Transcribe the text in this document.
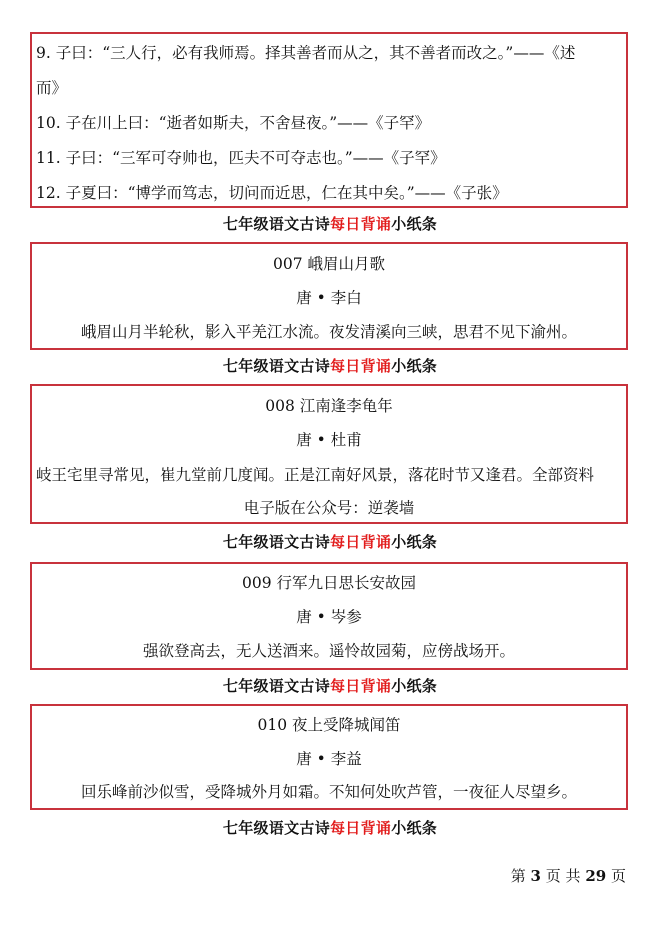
9. 子曰：“三人行，必有我师焉。择其善者而从之，其不善者而改之。”——《述
而》
10. 子在川上曰：“逝者如斯夫，不舍昼夜。”——《子罕》
11. 子曰：“三军可夺帅也，匹夫不可夺志也。”——《子罕》
12. 子夏曰：“博学而笃志，切问而近思，仁在其中矣。”——《子张》
七年级语文古诗每日背诵小纸条
007 峨眉山月歌
唐 • 李白
峨眉山月半轮秋，影入平羌江水流。夜发清溪向三峡，思君不见下渝州。
七年级语文古诗每日背诵小纸条
008 江南逢李龟年
唐 • 杜甫
岐王宅里寻常见，崔九堂前几度闻。正是江南好风景，落花时节又逢君。全部资料
电子版在公众号：逆袭墙
七年级语文古诗每日背诵小纸条
009 行军九日思长安故园
唐 • 岑参
强欲登高去，无人送酒来。遥怜故园菊，应傍战场开。
七年级语文古诗每日背诵小纸条
010 夜上受降城闻笛
唐 • 李益
回乐峰前沙似雪，受降城外月如霜。不知何处吹芦管，一夜征人尽望乡。
七年级语文古诗每日背诵小纸条
第 3 页 共 29 页
